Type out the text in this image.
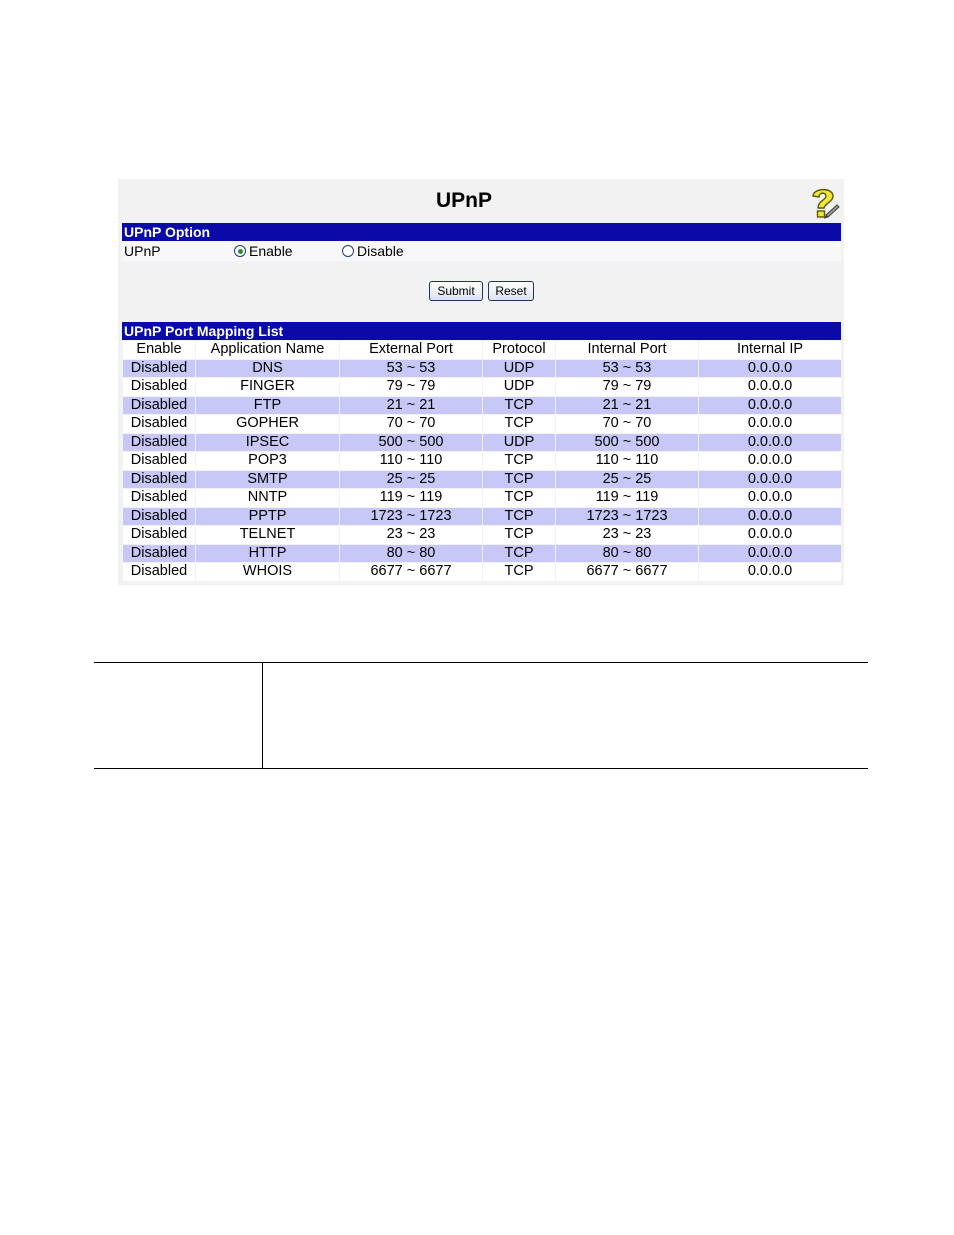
UPnP
UPnP Option
UPnP	Enable	Disable
Submit	Reset
UPnP Port Mapping List
Enable	Application Name	External Port	Protocol	Internal Port	Internal IP
Disabled	DNS	53 ~ 53	UDP	53 ~ 53	0.0.0.0
Disabled	FINGER	79 ~ 79	UDP	79 ~ 79	0.0.0.0
Disabled	FTP	21 ~ 21	TCP	21 ~ 21	0.0.0.0
Disabled	GOPHER	70 ~ 70	TCP	70 ~ 70	0.0.0.0
Disabled	IPSEC	500 ~ 500	UDP	500 ~ 500	0.0.0.0
Disabled	POP3	110 ~ 110	TCP	110 ~ 110	0.0.0.0
Disabled	SMTP	25 ~ 25	TCP	25 ~ 25	0.0.0.0
Disabled	NNTP	119 ~ 119	TCP	119 ~ 119	0.0.0.0
Disabled	PPTP	1723 ~ 1723	TCP	1723 ~ 1723	0.0.0.0
Disabled	TELNET	23 ~ 23	TCP	23 ~ 23	0.0.0.0
Disabled	HTTP	80 ~ 80	TCP	80 ~ 80	0.0.0.0
Disabled	WHOIS	6677 ~ 6677	TCP	6677 ~ 6677	0.0.0.0
